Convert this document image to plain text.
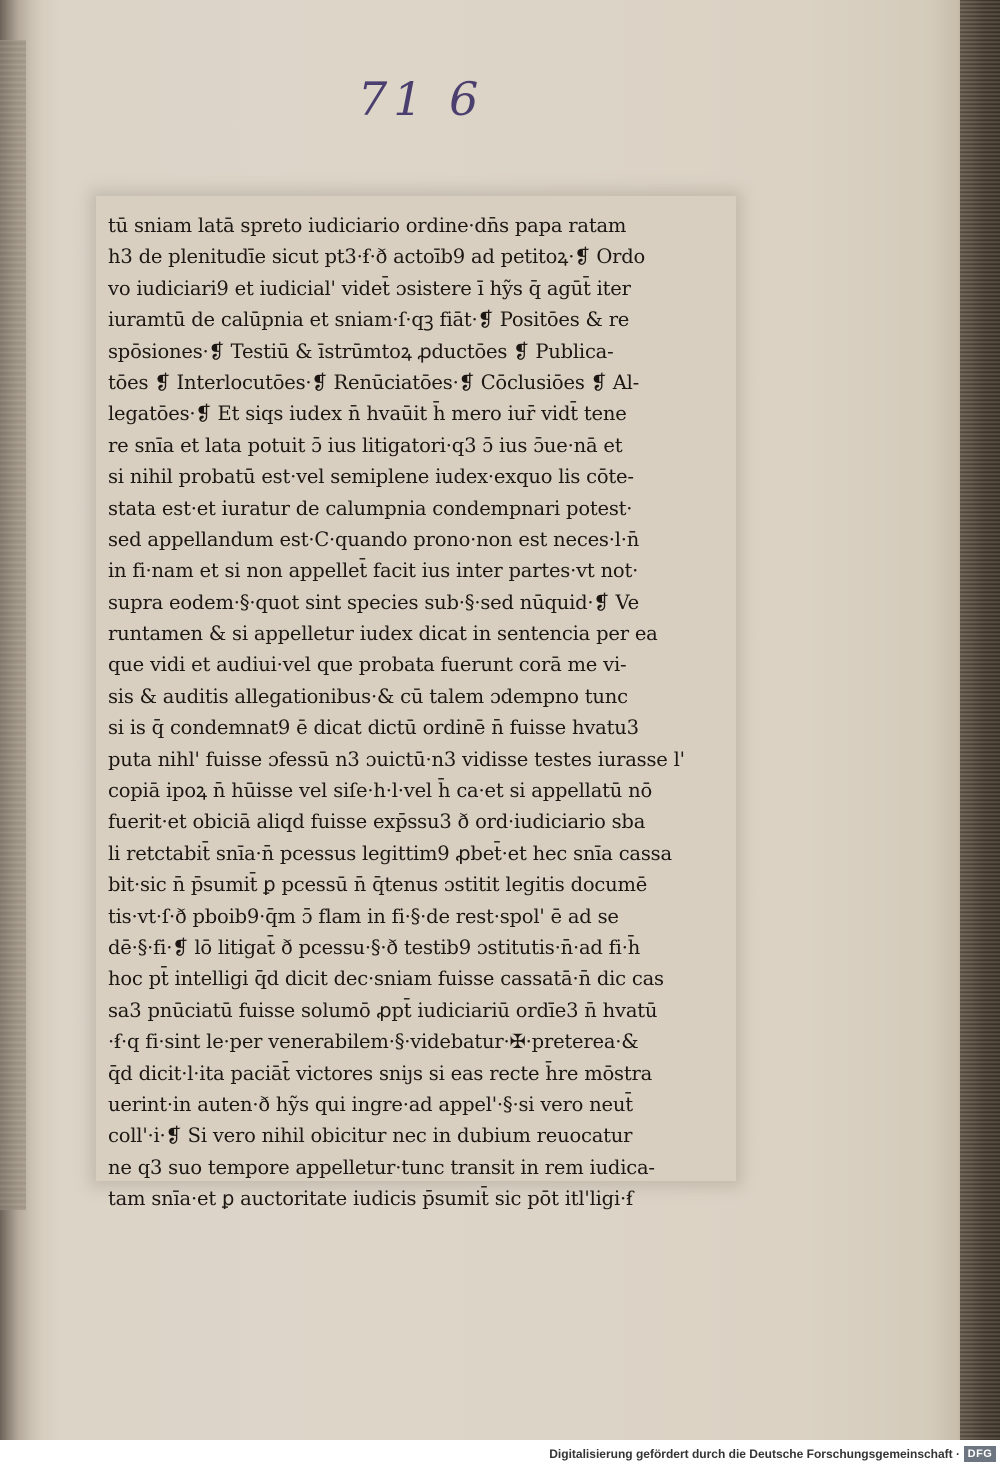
71 6
tū sniam latā spreto iudiciario ordine·dn̄s papa ratam
h3 de plenitudīe sicut pt3·ẜ·ð actoīb9 ad petitoꝝ·❡ Ordo
vo iudiciari9 et iudicial' videt̄ ɔsistere ī hỹs q̄ agūt̄ iter
iuramtū de calūpnia et sniam·ſ·qꝫ fiāt·❡ Positōes & re
spōsiones·❡ Testiū & īstrūmtoꝝ ꝓductōes ❡ Publica-
tōes ❡ Interlocutōes·❡ Renūciatōes·❡ Cōclusiōes ❡ Al-
legatōes·❡ Et siqs iudex n̄ hvaūit h̄ mero iur̄ vidt̄ tene
re snīa et lata potuit ɔ̄ ius litigatori·q3 ɔ̄ ius ɔ̄ue·nā et
si nihil probatū est·vel semiplene iudex·exquo lis cōte-
stata est·et iuratur de calumpnia condempnari potest·
sed appellandum est·C·quando prono·non est neces·l·n̄
in fi·nam et si non appellet̄ facit ius inter partes·vt not·
supra eodem·§·quot sint species sub·§·sed nūquid·❡ Ve
runtamen & si appelletur iudex dicat in sentencia per ea
que vidi et audiui·vel que probata fuerunt corā me vi-
sis & auditis allegationibus·& cū talem ɔdempno tunc
si is q̄ condemnat9 ē dicat dictū ordinē n̄ fuisse hvatu3
puta nihl' fuisse ɔfessū n3 ɔuictū·n3 vidisse testes iurasse l'
copiā ipoꝝ n̄ hūisse vel siſe·h·l·vel h̄ ca·et si appellatū nō
fuerit·et obiciā aliqd fuisse exp̄ssu3 ð ord·iudiciario sba
li retctabit̄ snīa·n̄ pcessus legittim9 ꝓbet̄·et hec snīa cassa
bit·sic n̄ p̄sumit̄ ꝑ pcessū n̄ q̄tenus ɔstitit legitis documē
tis·vt·ſ·ð pboib9·q̄m ɔ̄ flam in fi·§·de rest·spol' ē ad se
dē·§·fi·❡ lō litigat̄ ð pcessu·§·ð testib9 ɔstitutis·n̄·ad fi·h̄
hoc pt̄ intelligi q̄d dicit dec·sniam fuisse cassatā·n̄ dic cas
sa3 pnūciatū fuisse solumō ꝓpt̄ iudiciariū ordīe3 n̄ hvatū
·ẜ·q fi·sint le·per venerabilem·§·videbatur·✠·preterea·&
q̄d dicit·l·ita paciāt̄ victores sniȷs si eas recte h̄re mōstra
uerint·in auten·ð hỹs qui ingre·ad appel'·§·si vero neut̄
coll'·i·❡ Si vero nihil obicitur nec in dubium reuocatur
ne q3 suo tempore appelletur·tunc transit in rem iudica-
tam snīa·et ꝑ auctoritate iudicis p̄sumit̄ sic pōt itl'ligi·ẜ
Digitalisierung gefördert durch die Deutsche Forschungsgemeinschaft · DFG
